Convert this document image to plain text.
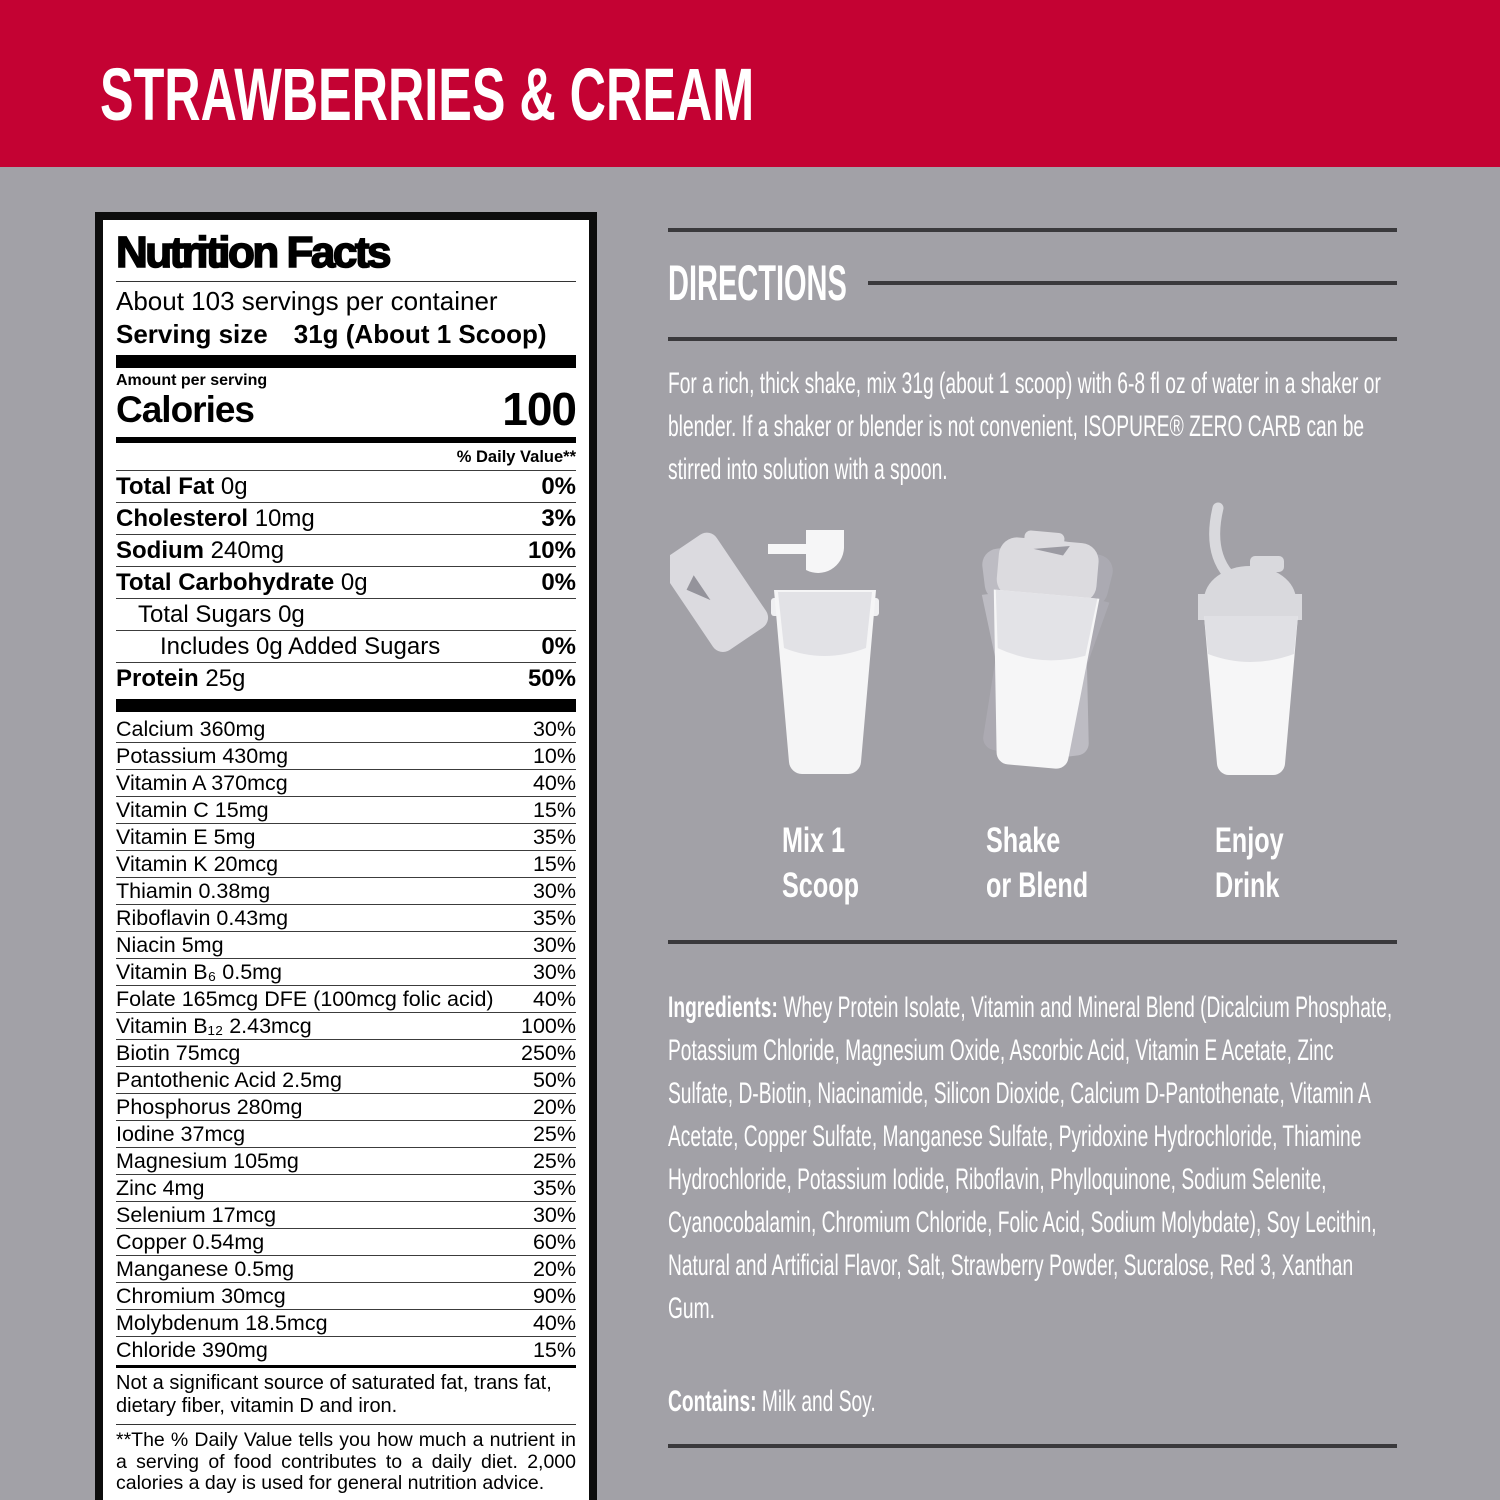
STRAWBERRIES & CREAM
Nutrition Facts
About 103 servings per container
Serving size 31g (About 1 Scoop)
Amount per serving
Calories	100
% Daily Value**
Total Fat 0g	0%
Cholesterol 10mg	3%
Sodium 240mg	10%
Total Carbohydrate 0g	0%
Total Sugars 0g
Includes 0g Added Sugars	0%
Protein 25g	50%
Calcium 360mg	30%
Potassium 430mg	10%
Vitamin A 370mcg	40%
Vitamin C 15mg	15%
Vitamin E 5mg	35%
Vitamin K 20mcg	15%
Thiamin 0.38mg	30%
Riboflavin 0.43mg	35%
Niacin 5mg	30%
Vitamin B₆ 0.5mg	30%
Folate 165mcg DFE (100mcg folic acid) 40%
Vitamin B₁₂ 2.43mcg	100%
Biotin 75mcg	250%
Pantothenic Acid 2.5mg	50%
Phosphorus 280mg	20%
Iodine 37mcg	25%
Magnesium 105mg	25%
Zinc 4mg	35%
Selenium 17mcg	30%
Copper 0.54mg	60%
Manganese 0.5mg	20%
Chromium 30mcg	90%
Molybdenum 18.5mcg	40%
Chloride 390mg	15%
Not a significant source of saturated fat, trans fat, dietary fiber, vitamin D and iron.
**The % Daily Value tells you how much a nutrient in a serving of food contributes to a daily diet. 2,000 calories a day is used for general nutrition advice.
DIRECTIONS
For a rich, thick shake, mix 31g (about 1 scoop) with 6-8 fl oz of water in a shaker or blender. If a shaker or blender is not convenient, ISOPURE® ZERO CARB can be stirred into solution with a spoon.
Mix 1
Scoop
Shake
or Blend
Enjoy
Drink
Ingredients: Whey Protein Isolate, Vitamin and Mineral Blend (Dicalcium Phosphate, Potassium Chloride, Magnesium Oxide, Ascorbic Acid, Vitamin E Acetate, Zinc Sulfate, D-Biotin, Niacinamide, Silicon Dioxide, Calcium D-Pantothenate, Vitamin A Acetate, Copper Sulfate, Manganese Sulfate, Pyridoxine Hydrochloride, Thiamine Hydrochloride, Potassium Iodide, Riboflavin, Phylloquinone, Sodium Selenite, Cyanocobalamin, Chromium Chloride, Folic Acid, Sodium Molybdate), Soy Lecithin, Natural and Artificial Flavor, Salt, Strawberry Powder, Sucralose, Red 3, Xanthan Gum.
Contains: Milk and Soy.
